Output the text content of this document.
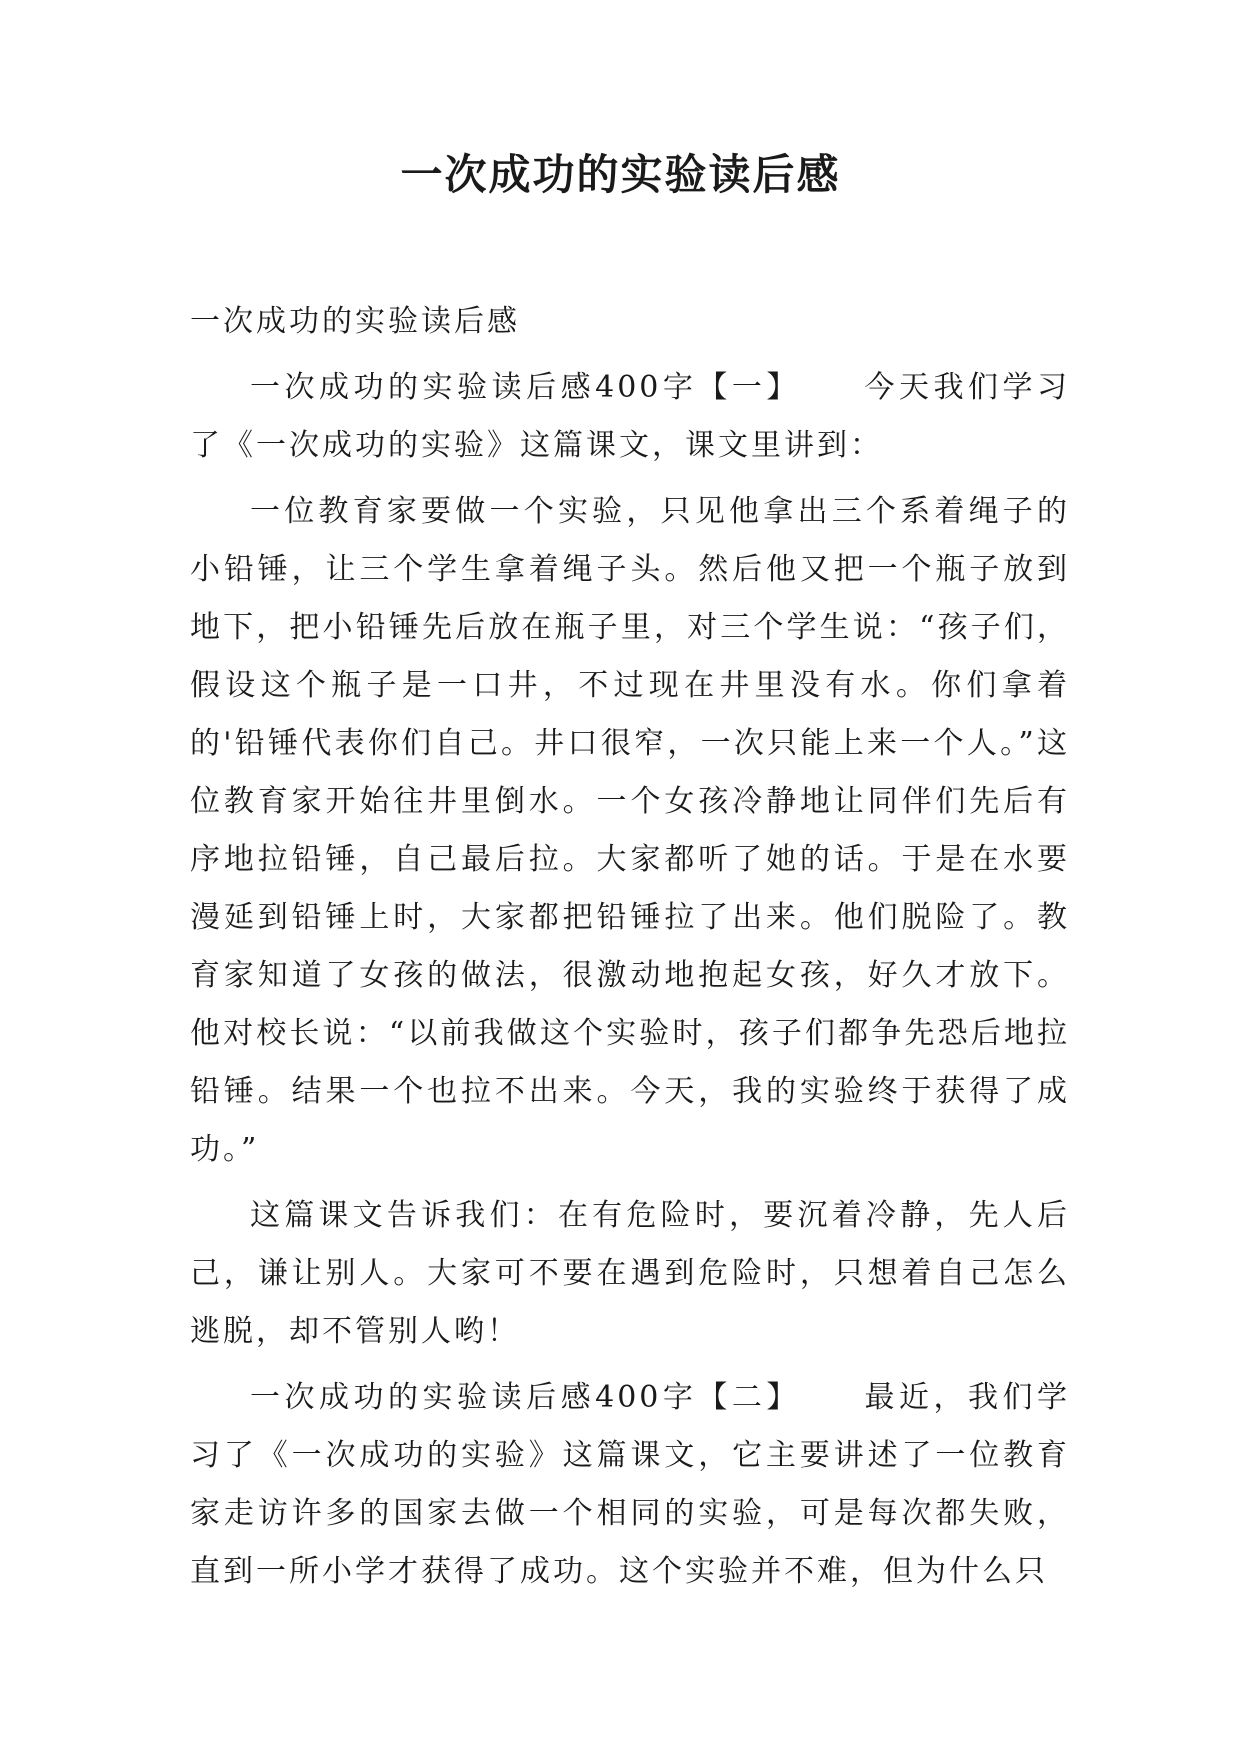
一次成功的实验读后感

一次成功的实验读后感

一次成功的实验读后感400字【一】 今天我们学习了《一次成功的实验》这篇课文，课文里讲到：

一位教育家要做一个实验，只见他拿出三个系着绳子的小铅锤，让三个学生拿着绳子头。然后他又把一个瓶子放到地下，把小铅锤先后放在瓶子里，对三个学生说：“孩子们，假设这个瓶子是一口井，不过现在井里没有水。你们拿着的'铅锤代表你们自己。井口很窄，一次只能上来一个人。”这位教育家开始往井里倒水。一个女孩冷静地让同伴们先后有序地拉铅锤，自己最后拉。大家都听了她的话。于是在水要漫延到铅锤上时，大家都把铅锤拉了出来。他们脱险了。教育家知道了女孩的做法，很激动地抱起女孩，好久才放下。他对校长说：“以前我做这个实验时，孩子们都争先恐后地拉铅锤。结果一个也拉不出来。今天，我的实验终于获得了成功。”

这篇课文告诉我们：在有危险时，要沉着冷静，先人后己，谦让别人。大家可不要在遇到危险时，只想着自己怎么逃脱，却不管别人哟！

一次成功的实验读后感400字【二】 最近，我们学习了《一次成功的实验》这篇课文，它主要讲述了一位教育家走访许多的国家去做一个相同的实验，可是每次都失败，直到一所小学才获得了成功。这个实验并不难，但为什么只
